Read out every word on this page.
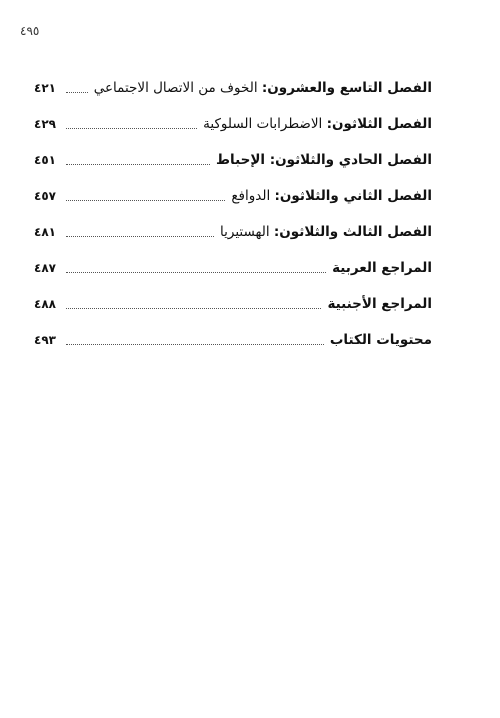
٤٩٥
الفصل التاسع والعشرون: الخوف من الاتصال الاجتماعي
٤٢١
الفصل الثلاثون: الاضطرابات السلوكية
٤٢٩
الفصل الحادي والثلاثون: الإحباط
٤٥١
الفصل الثاني والثلاثون: الدوافع
٤٥٧
الفصل الثالث والثلاثون: الهستيريا
٤٨١
المراجع العربية
٤٨٧
المراجع الأجنبية
٤٨٨
محتويات الكتاب
٤٩٣
